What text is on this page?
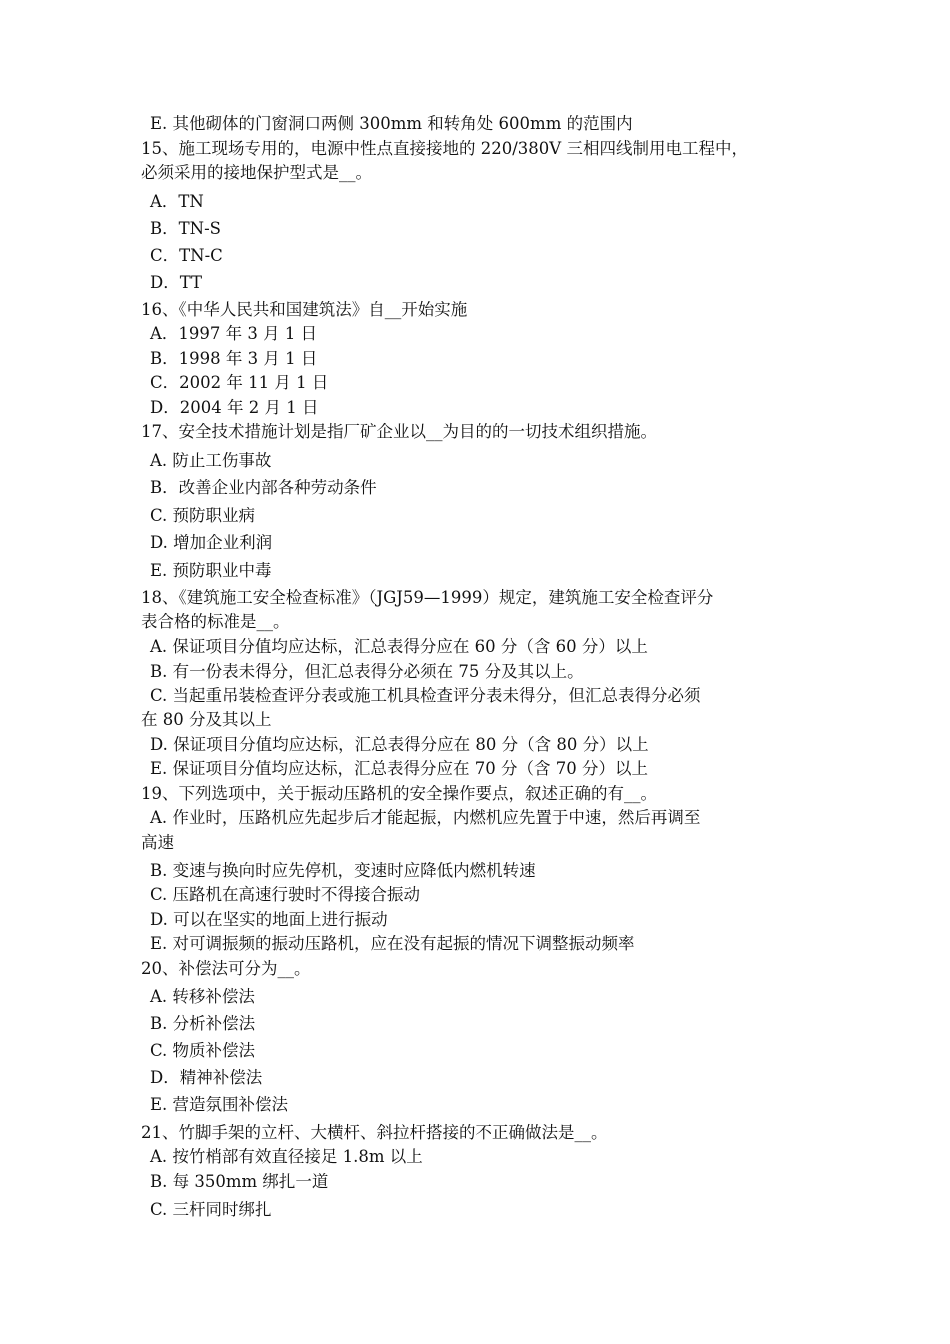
E. 其他砌体的门窗洞口两侧 300mm 和转角处 600mm 的范围内
15、施工现场专用的，电源中性点直接接地的 220/380V 三相四线制用电工程中，
必须采用的接地保护型式是__。
A．TN
B．TN-S
C．TN-C
D．TT
16、《中华人民共和国建筑法》自__开始实施
A．1997 年 3 月 1 日
B．1998 年 3 月 1 日
C．2002 年 11 月 1 日
D．2004 年 2 月 1 日
17、安全技术措施计划是指厂矿企业以__为目的的一切技术组织措施。
A. 防止工伤事故
B．改善企业内部各种劳动条件
C. 预防职业病
D. 增加企业利润
E. 预防职业中毒
18、《建筑施工安全检查标准》（JGJ59—1999）规定，建筑施工安全检查评分
表合格的标准是__。
A. 保证项目分值均应达标，汇总表得分应在 60 分（含 60 分）以上
B. 有一份表未得分，但汇总表得分必须在 75 分及其以上。
C. 当起重吊装检查评分表或施工机具检查评分表未得分，但汇总表得分必须
在 80 分及其以上
D. 保证项目分值均应达标，汇总表得分应在 80 分（含 80 分）以上
E. 保证项目分值均应达标，汇总表得分应在 70 分（含 70 分）以上
19、下列选项中，关于振动压路机的安全操作要点，叙述正确的有__。
A. 作业时，压路机应先起步后才能起振，内燃机应先置于中速，然后再调至
高速
B. 变速与换向时应先停机，变速时应降低内燃机转速
C. 压路机在高速行驶时不得接合振动
D. 可以在坚实的地面上进行振动
E. 对可调振频的振动压路机，应在没有起振的情况下调整振动频率
20、补偿法可分为__。
A. 转移补偿法
B. 分析补偿法
C. 物质补偿法
D．精神补偿法
E. 营造氛围补偿法
21、竹脚手架的立杆、大横杆、斜拉杆搭接的不正确做法是__。
A. 按竹梢部有效直径接足 1.8m 以上
B. 每 350mm 绑扎一道
C. 三杆同时绑扎
